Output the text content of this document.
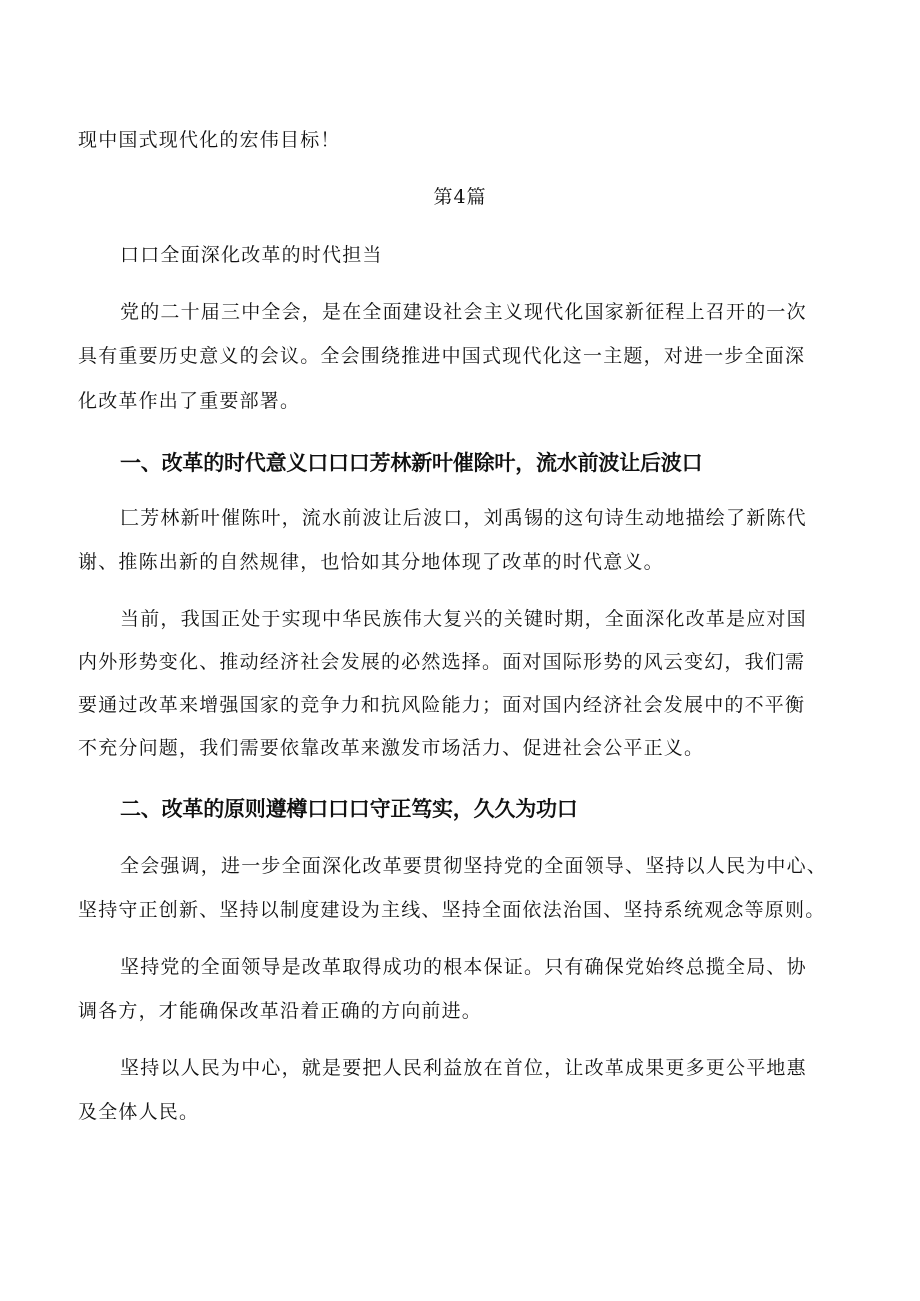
现中国式现代化的宏伟目标！
第4篇
口口全面深化改革的时代担当
党的二十届三中全会，是在全面建设社会主义现代化国家新征程上召开的一次
具有重要历史意义的会议。全会围绕推进中国式现代化这一主题，对进一步全面深
化改革作出了重要部署。
一、改革的时代意义口口口芳林新叶催除叶，流水前波让后波口
匚芳林新叶催陈叶，流水前波让后波口，刘禹锡的这句诗生动地描绘了新陈代
谢、推陈出新的自然规律，也恰如其分地体现了改革的时代意义。
当前，我国正处于实现中华民族伟大复兴的关键时期，全面深化改革是应对国
内外形势变化、推动经济社会发展的必然选择。面对国际形势的风云变幻，我们需
要通过改革来增强国家的竞争力和抗风险能力；面对国内经济社会发展中的不平衡
不充分问题，我们需要依靠改革来激发市场活力、促进社会公平正义。
二、改革的原则遵樽口口口守正笃实，久久为功口
全会强调，进一步全面深化改革要贯彻坚持党的全面领导、坚持以人民为中心、
坚持守正创新、坚持以制度建设为主线、坚持全面依法治国、坚持系统观念等原则。
坚持党的全面领导是改革取得成功的根本保证。只有确保党始终总揽全局、协
调各方，才能确保改革沿着正确的方向前进。
坚持以人民为中心，就是要把人民利益放在首位，让改革成果更多更公平地惠
及全体人民。
